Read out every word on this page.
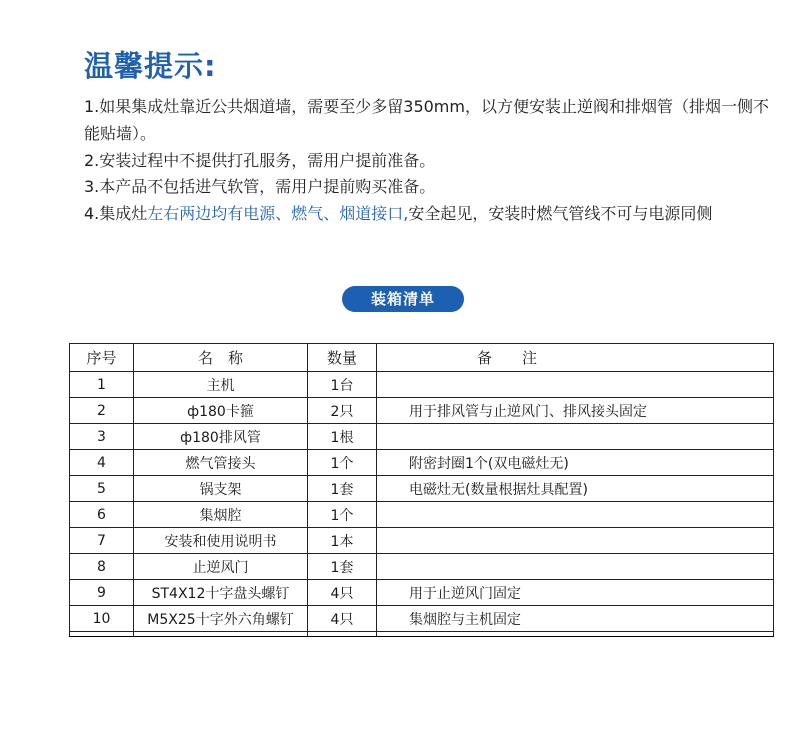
温馨提示:

1.如果集成灶靠近公共烟道墙，需要至少多留350mm，以方便安装止逆阀和排烟管（排烟一侧不能贴墙）。

2.安装过程中不提供打孔服务，需用户提前准备。

3.本产品不包括进气软管，需用户提前购买准备。

4.集成灶左右两边均有电源、燃气、烟道接口,安全起见，安装时燃气管线不可与电源同侧

装箱清单
序号	名　称	数量	备　　注
1	主机	1台	
2	ф180卡箍	2只	用于排风管与止逆风门、排风接头固定
3	ф180排风管	1根	
4	燃气管接头	1个	附密封圈1个(双电磁灶无)
5	锅支架	1套	电磁灶无(数量根据灶具配置)
6	集烟腔	1个	
7	安装和使用说明书	1本	
8	止逆风门	1套	
9	ST4X12十字盘头螺钉	4只	用于止逆风门固定
10	M5X25十字外六角螺钉	4只	集烟腔与主机固定
